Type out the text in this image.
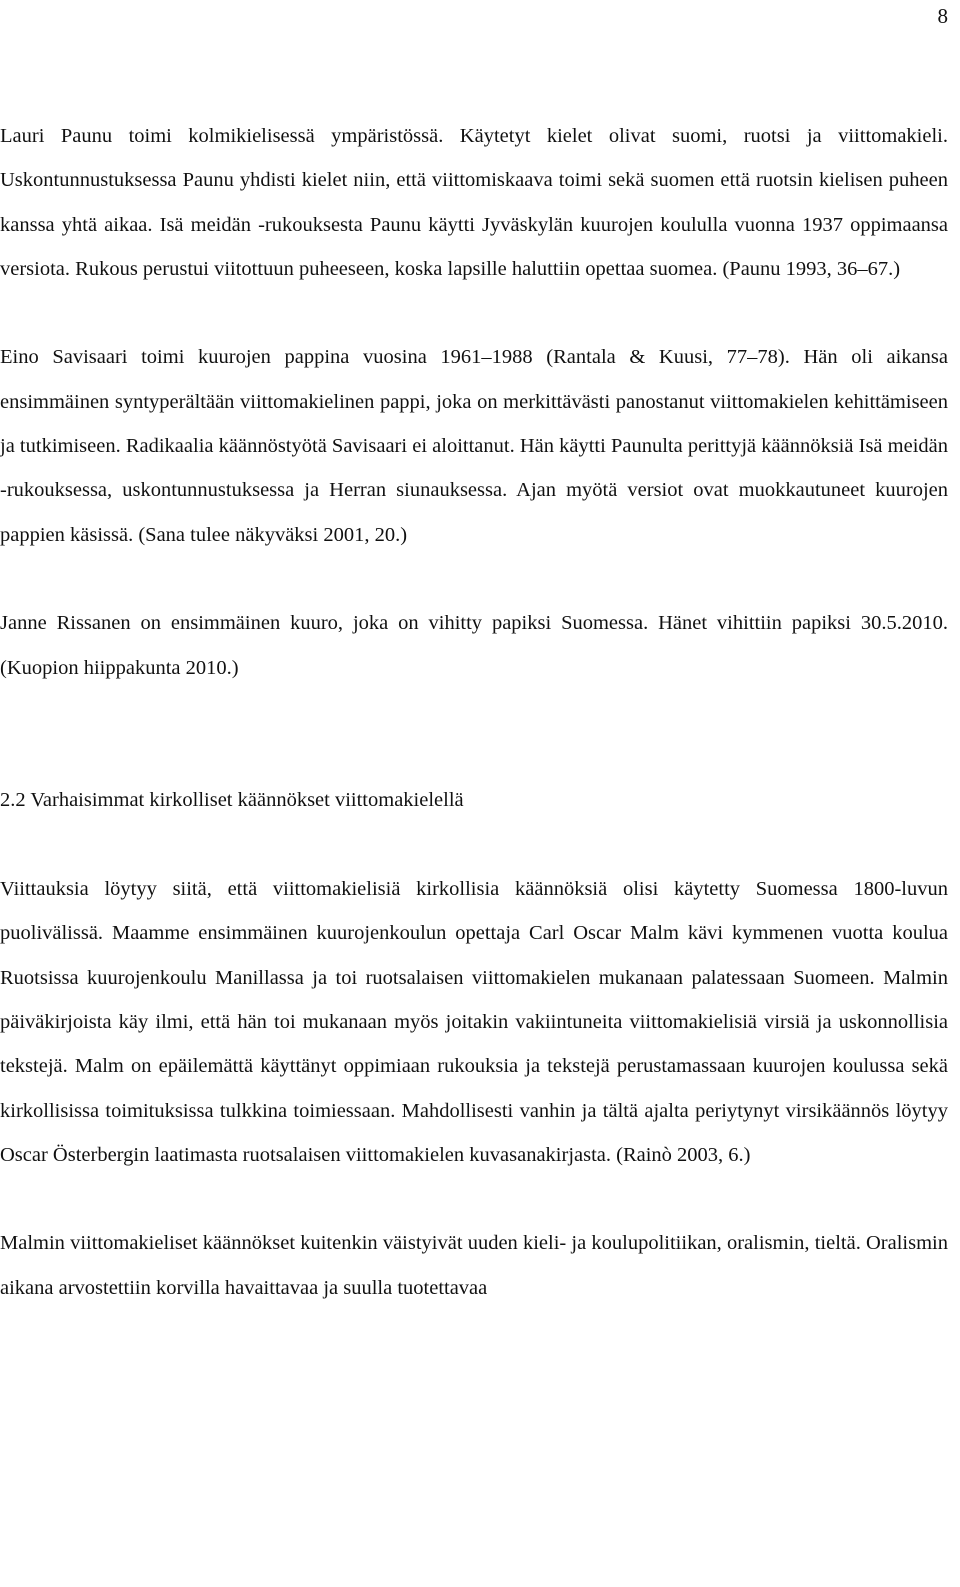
8

Lauri Paunu toimi kolmikielisessä ympäristössä. Käytetyt kielet olivat suomi, ruotsi ja viittomakieli. Uskontunnustuksessa Paunu yhdisti kielet niin, että viittomiskaava toimi sekä suomen että ruotsin kielisen puheen kanssa yhtä aikaa. Isä meidän -rukouksesta Paunu käytti Jyväskylän kuurojen koululla vuonna 1937 oppimaansa versiota. Rukous perustui viitottuun puheeseen, koska lapsille haluttiin opettaa suomea. (Paunu 1993, 36–67.)

Eino Savisaari toimi kuurojen pappina vuosina 1961–1988 (Rantala & Kuusi, 77–78). Hän oli aikansa ensimmäinen syntyperältään viittomakielinen pappi, joka on merkittävästi panostanut viittomakielen kehittämiseen ja tutkimiseen. Radikaalia käännöstyötä Savisaari ei aloittanut. Hän käytti Paunulta perittyjä käännöksiä Isä meidän -rukouksessa, uskontunnustuksessa ja Herran siunauksessa. Ajan myötä versiot ovat muokkautuneet kuurojen pappien käsissä. (Sana tulee näkyväksi 2001, 20.)

Janne Rissanen on ensimmäinen kuuro, joka on vihitty papiksi Suomessa. Hänet vihittiin papiksi 30.5.2010. (Kuopion hiippakunta 2010.)

2.2 Varhaisimmat kirkolliset käännökset viittomakielellä

Viittauksia löytyy siitä, että viittomakielisiä kirkollisia käännöksiä olisi käytetty Suomessa 1800-luvun puolivälissä. Maamme ensimmäinen kuurojenkoulun opettaja Carl Oscar Malm kävi kymmenen vuotta koulua Ruotsissa kuurojenkoulu Manillassa ja toi ruotsalaisen viittomakielen mukanaan palatessaan Suomeen. Malmin päiväkirjoista käy ilmi, että hän toi mukanaan myös joitakin vakiintuneita viittomakielisiä virsiä ja uskonnollisia tekstejä. Malm on epäilemättä käyttänyt oppimiaan rukouksia ja tekstejä perustamassaan kuurojen koulussa sekä kirkollisissa toimituksissa tulkkina toimiessaan. Mahdollisesti vanhin ja tältä ajalta periytynyt virsikäännös löytyy Oscar Österbergin laatimasta ruotsalaisen viittomakielen kuvasanakirjasta. (Rainò 2003, 6.)

Malmin viittomakieliset käännökset kuitenkin väistyivät uuden kieli- ja koulupolitiikan, oralismin, tieltä. Oralismin aikana arvostettiin korvilla havaittavaa ja suulla tuotettavaa
